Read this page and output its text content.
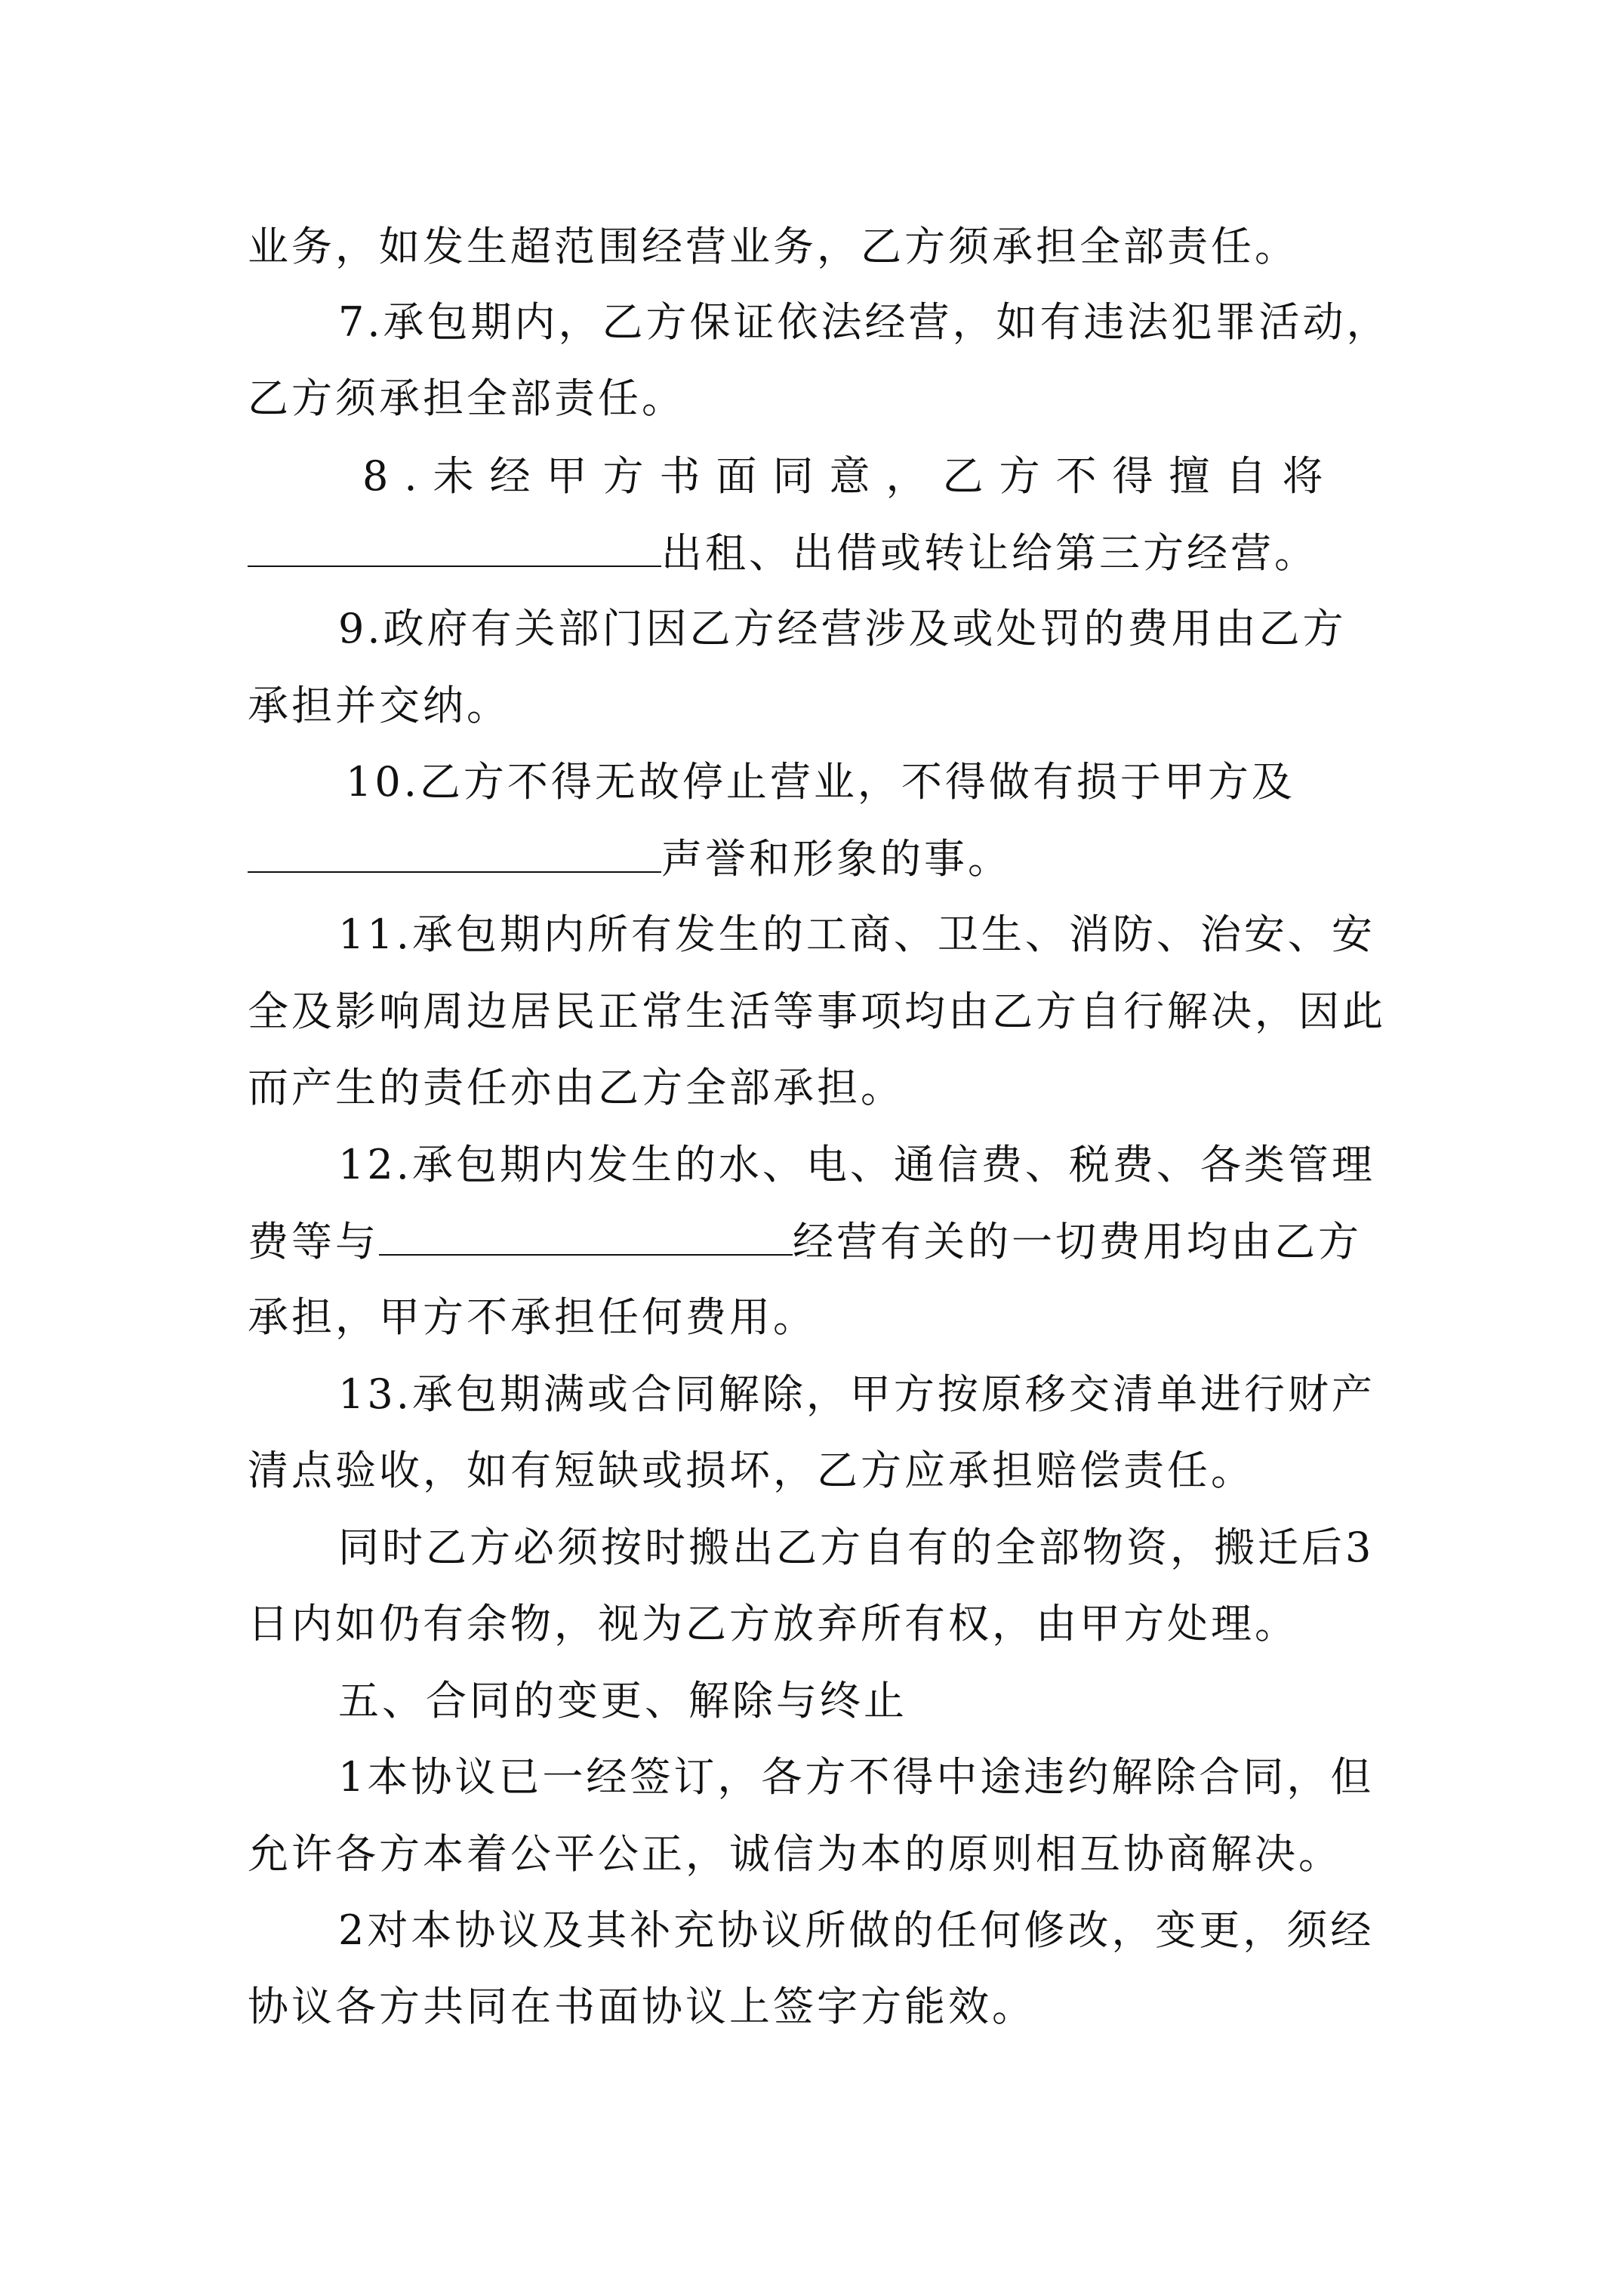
业务，如发生超范围经营业务，乙方须承担全部责任。
7.承包期内，乙方保证依法经营，如有违法犯罪活动，
乙方须承担全部责任。
8.未经甲方书面同意，乙方不得擅自将
出租、出借或转让给第三方经营。
9.政府有关部门因乙方经营涉及或处罚的费用由乙方
承担并交纳。
10.乙方不得无故停止营业，不得做有损于甲方及
声誉和形象的事。
11.承包期内所有发生的工商、卫生、消防、治安、安
全及影响周边居民正常生活等事项均由乙方自行解决，因此
而产生的责任亦由乙方全部承担。
12.承包期内发生的水、电、通信费、税费、各类管理
费等与	经营有关的一切费用均由乙方
承担，甲方不承担任何费用。
13.承包期满或合同解除，甲方按原移交清单进行财产
清点验收，如有短缺或损坏，乙方应承担赔偿责任。
同时乙方必须按时搬出乙方自有的全部物资，搬迁后3
日内如仍有余物，视为乙方放弃所有权，由甲方处理。
五、合同的变更、解除与终止
1本协议已一经签订，各方不得中途违约解除合同，但
允许各方本着公平公正，诚信为本的原则相互协商解决。
2对本协议及其补充协议所做的任何修改，变更，须经
协议各方共同在书面协议上签字方能效。
